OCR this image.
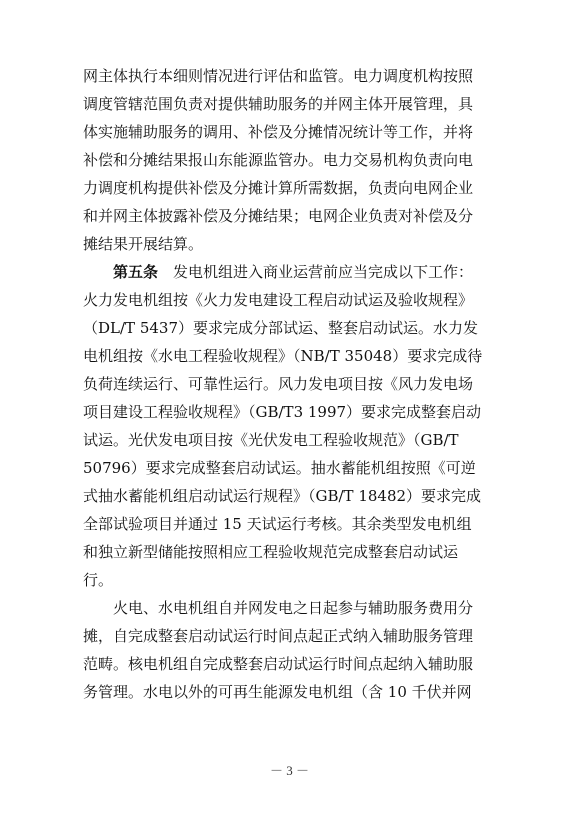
网主体执行本细则情况进行评估和监管。电力调度机构按照
调度管辖范围负责对提供辅助服务的并网主体开展管理，具
体实施辅助服务的调用、补偿及分摊情况统计等工作，并将
补偿和分摊结果报山东能源监管办。电力交易机构负责向电
力调度机构提供补偿及分摊计算所需数据，负责向电网企业
和并网主体披露补偿及分摊结果；电网企业负责对补偿及分
摊结果开展结算。

第五条　发电机组进入商业运营前应当完成以下工作：
火力发电机组按《火力发电建设工程启动试运及验收规程》
（DL/T 5437）要求完成分部试运、整套启动试运。水力发
电机组按《水电工程验收规程》（NB/T 35048）要求完成待
负荷连续运行、可靠性运行。风力发电项目按《风力发电场
项目建设工程验收规程》（GB/T3 1997）要求完成整套启动
试运。光伏发电项目按《光伏发电工程验收规范》（GB/T
50796）要求完成整套启动试运。抽水蓄能机组按照《可逆
式抽水蓄能机组启动试运行规程》（GB/T 18482）要求完成
全部试验项目并通过 15 天试运行考核。其余类型发电机组
和独立新型储能按照相应工程验收规范完成整套启动试运
行。

火电、水电机组自并网发电之日起参与辅助服务费用分
摊，自完成整套启动试运行时间点起正式纳入辅助服务管理
范畴。核电机组自完成整套启动试运行时间点起纳入辅助服
务管理。水电以外的可再生能源发电机组（含 10 千伏并网

－ 3 －
